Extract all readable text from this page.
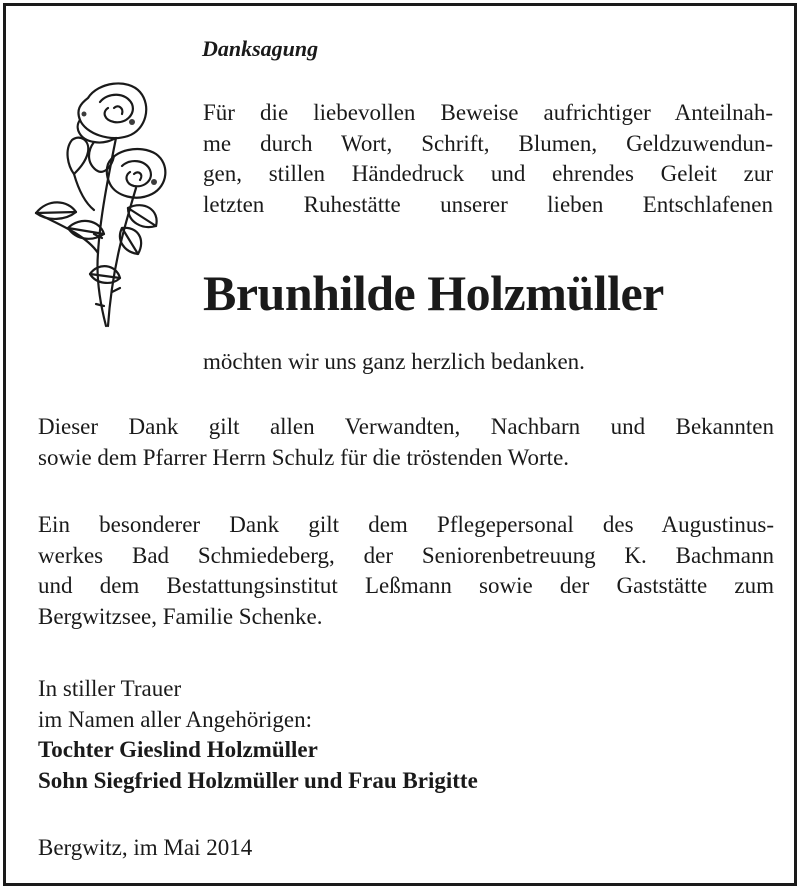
Danksagung
Für die liebevollen Beweise aufrichtiger Anteilnah-
me durch Wort, Schrift, Blumen, Geldzuwendun-
gen, stillen Händedruck und ehrendes Geleit zur
letzten Ruhestätte unserer lieben Entschlafenen
Brunhilde Holzmüller
möchten wir uns ganz herzlich bedanken.
Dieser Dank gilt allen Verwandten, Nachbarn und Bekannten
sowie dem Pfarrer Herrn Schulz für die tröstenden Worte.
Ein besonderer Dank gilt dem Pflegepersonal des Augustinus-
werkes Bad Schmiedeberg, der Seniorenbetreuung K. Bachmann
und dem Bestattungsinstitut Leßmann sowie der Gaststätte zum
Bergwitzsee, Familie Schenke.
In stiller Trauer
im Namen aller Angehörigen:
Tochter Gieslind Holzmüller
Sohn Siegfried Holzmüller und Frau Brigitte
Bergwitz, im Mai 2014
